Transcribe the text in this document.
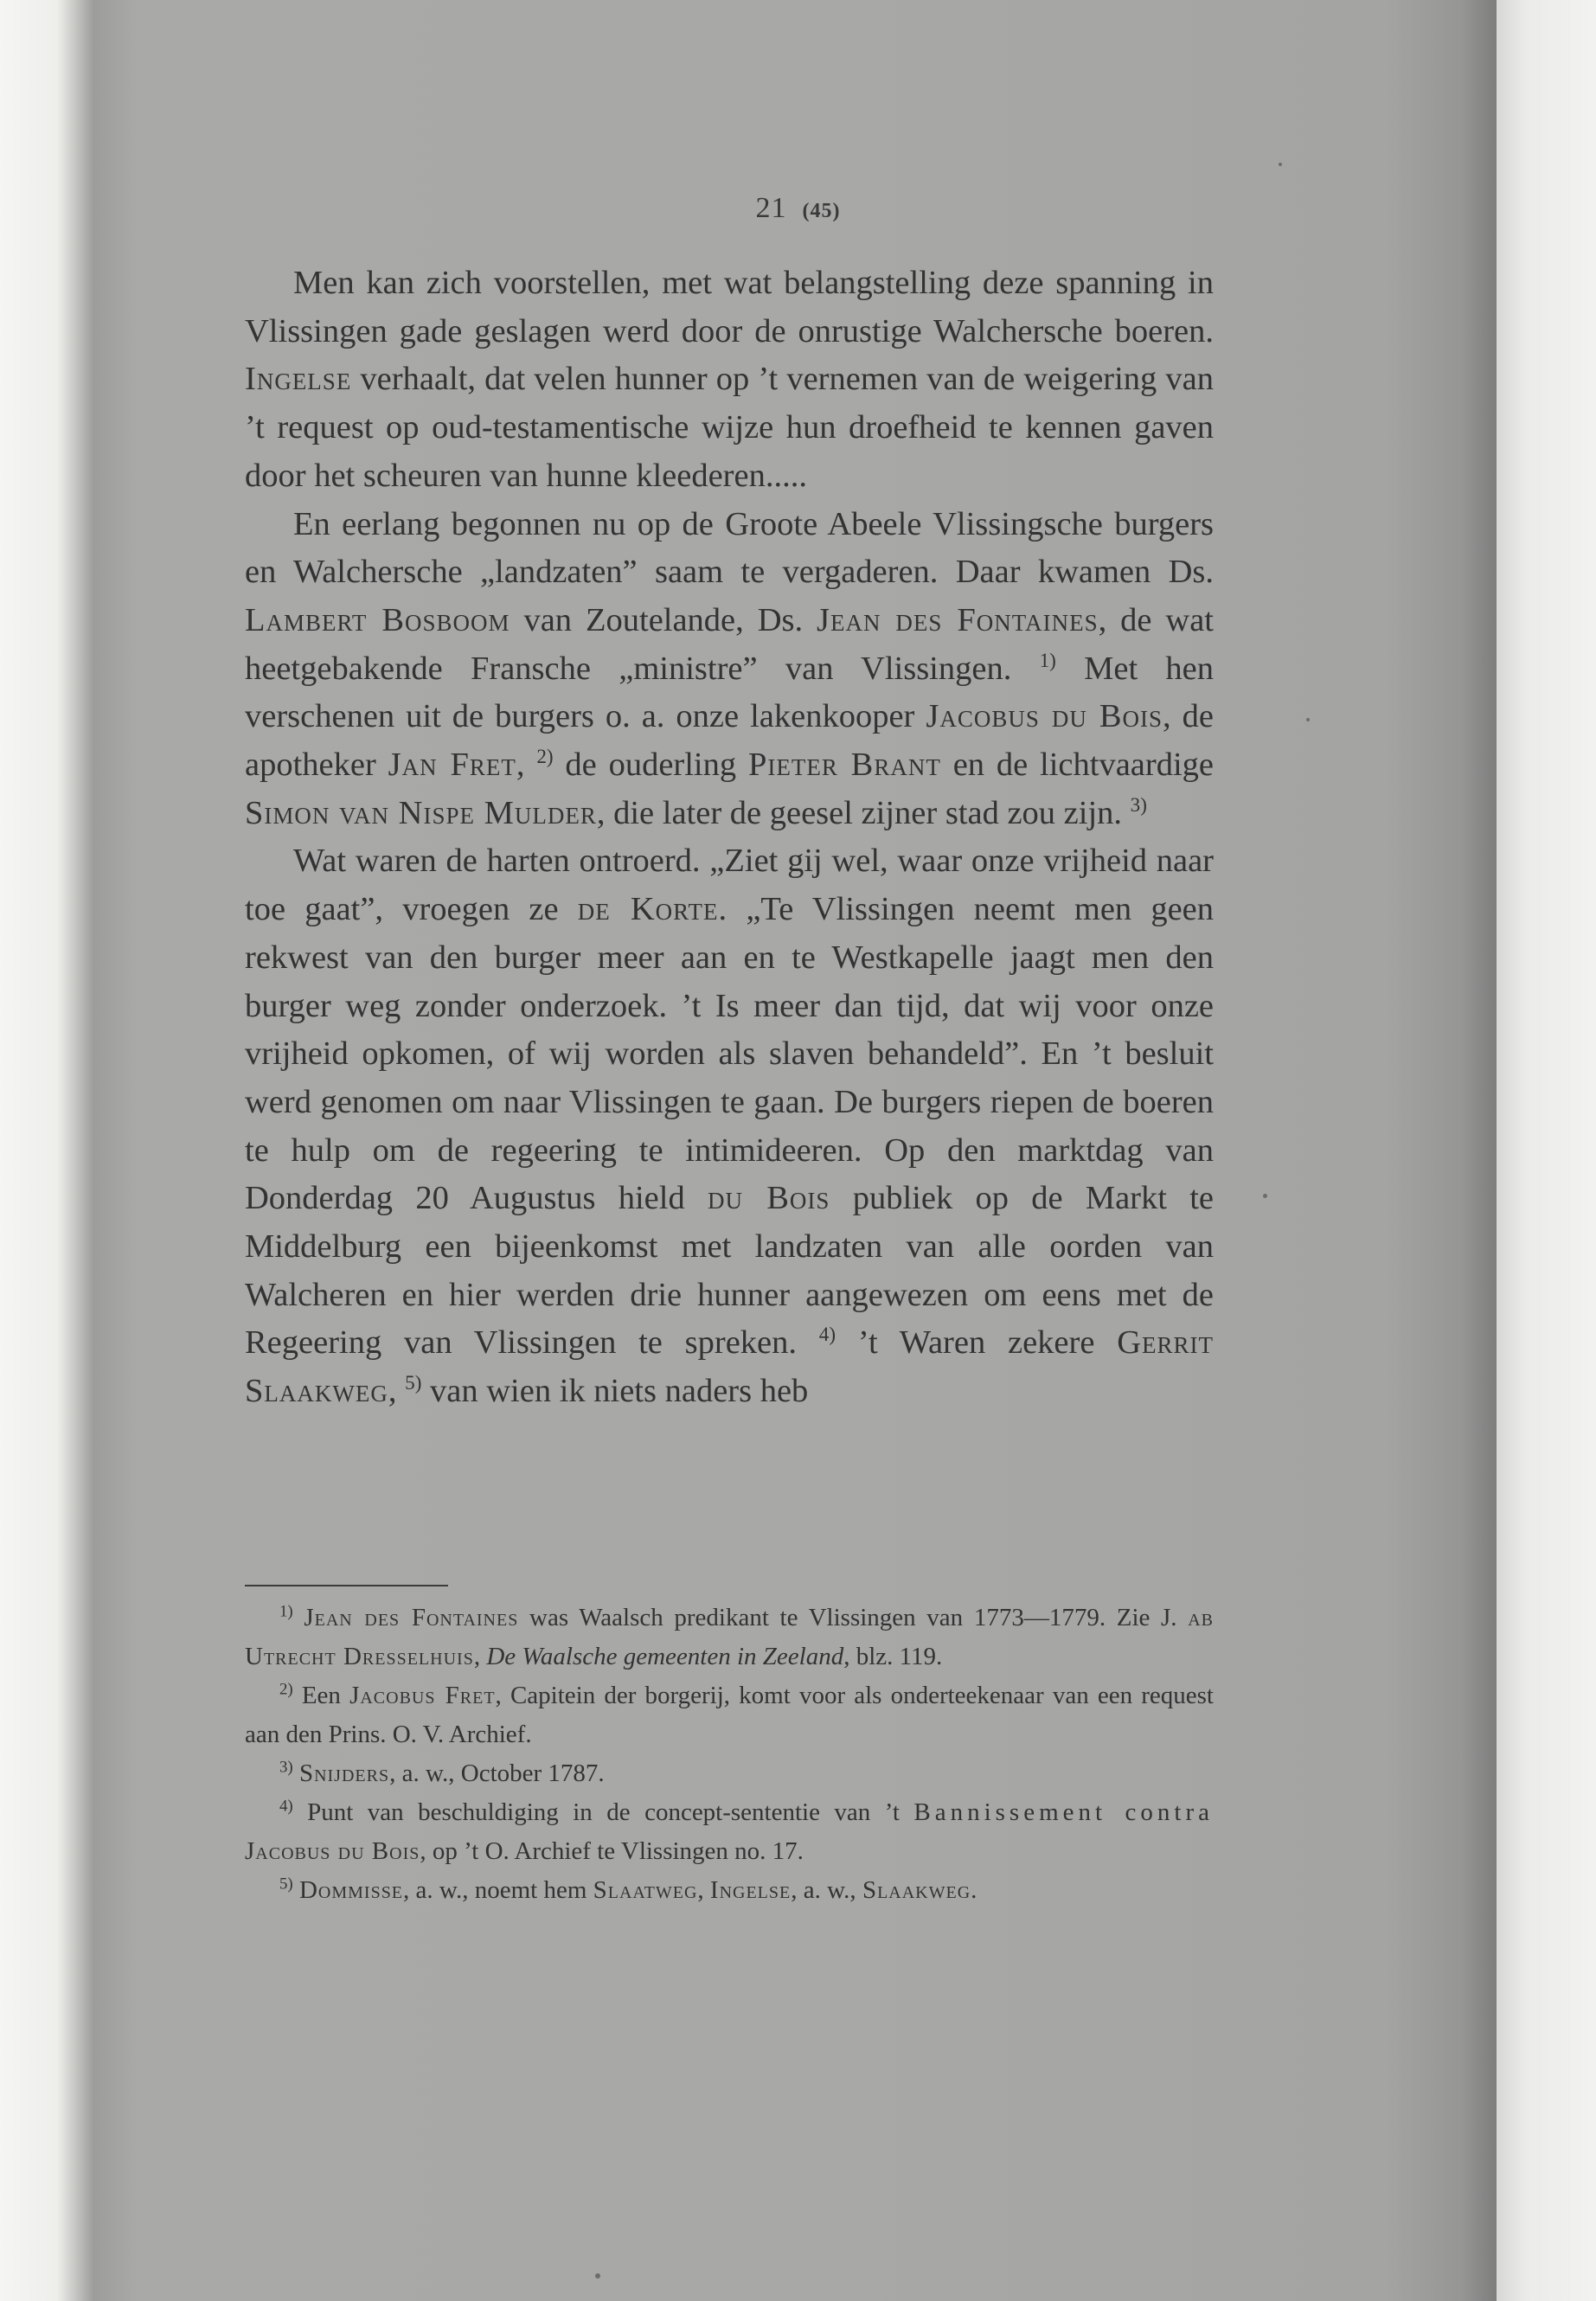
21 (45)

Men kan zich voorstellen, met wat belangstelling deze spanning in Vlissingen gade geslagen werd door de onrustige Walchersche boeren. Ingelse verhaalt, dat velen hunner op ’t vernemen van de weigering van ’t request op oud-testamentische wijze hun droefheid te kennen gaven door het scheuren van hunne kleederen.....

En eerlang begonnen nu op de Groote Abeele Vlissingsche burgers en Walchersche „landzaten” saam te vergaderen. Daar kwamen Ds. Lambert Bosboom van Zoutelande, Ds. Jean des Fontaines, de wat heetgebakende Fransche „ministre” van Vlissingen. $^{1)}$ Met hen verschenen uit de burgers o. a. onze lakenkooper Jacobus du Bois, de apotheker Jan Fret, $^{2)}$ de ouderling Pieter Brant en de lichtvaardige Simon van Nispe Mulder, die later de geesel zijner stad zou zijn. $^{3)}$

Wat waren de harten ontroerd. „Ziet gij wel, waar onze vrijheid naar toe gaat”, vroegen ze de Korte. „Te Vlissingen neemt men geen rekwest van den burger meer aan en te Westkapelle jaagt men den burger weg zonder onderzoek. ’t Is meer dan tijd, dat wij voor onze vrijheid opkomen, of wij worden als slaven behandeld”. En ’t besluit werd genomen om naar Vlissingen te gaan. De burgers riepen de boeren te hulp om de regeering te intimideeren. Op den marktdag van Donderdag 20 Augustus hield du Bois publiek op de Markt te Middelburg een bijeenkomst met landzaten van alle oorden van Walcheren en hier werden drie hunner aangewezen om eens met de Regeering van Vlissingen te spreken. $^{4)}$ ’t Waren zekere Gerrit Slaakweg, $^{5)}$ van wien ik niets naders heb

$^{1)}$ Jean des Fontaines was Waalsch predikant te Vlissingen van 1773—1779. Zie J. ab Utrecht Dresselhuis, De Waalsche gemeenten in Zeeland, blz. 119.

$^{2)}$ Een Jacobus Fret, Capitein der borgerij, komt voor als onderteekenaar van een request aan den Prins. O. V. Archief.

$^{3)}$ Snijders, a. w., October 1787.

$^{4)}$ Punt van beschuldiging in de concept-sententie van ’t Bannissement contra Jacobus du Bois, op ’t O. Archief te Vlissingen no. 17.

$^{5)}$ Dommisse, a. w., noemt hem Slaatweg, Ingelse, a. w., Slaakweg.
